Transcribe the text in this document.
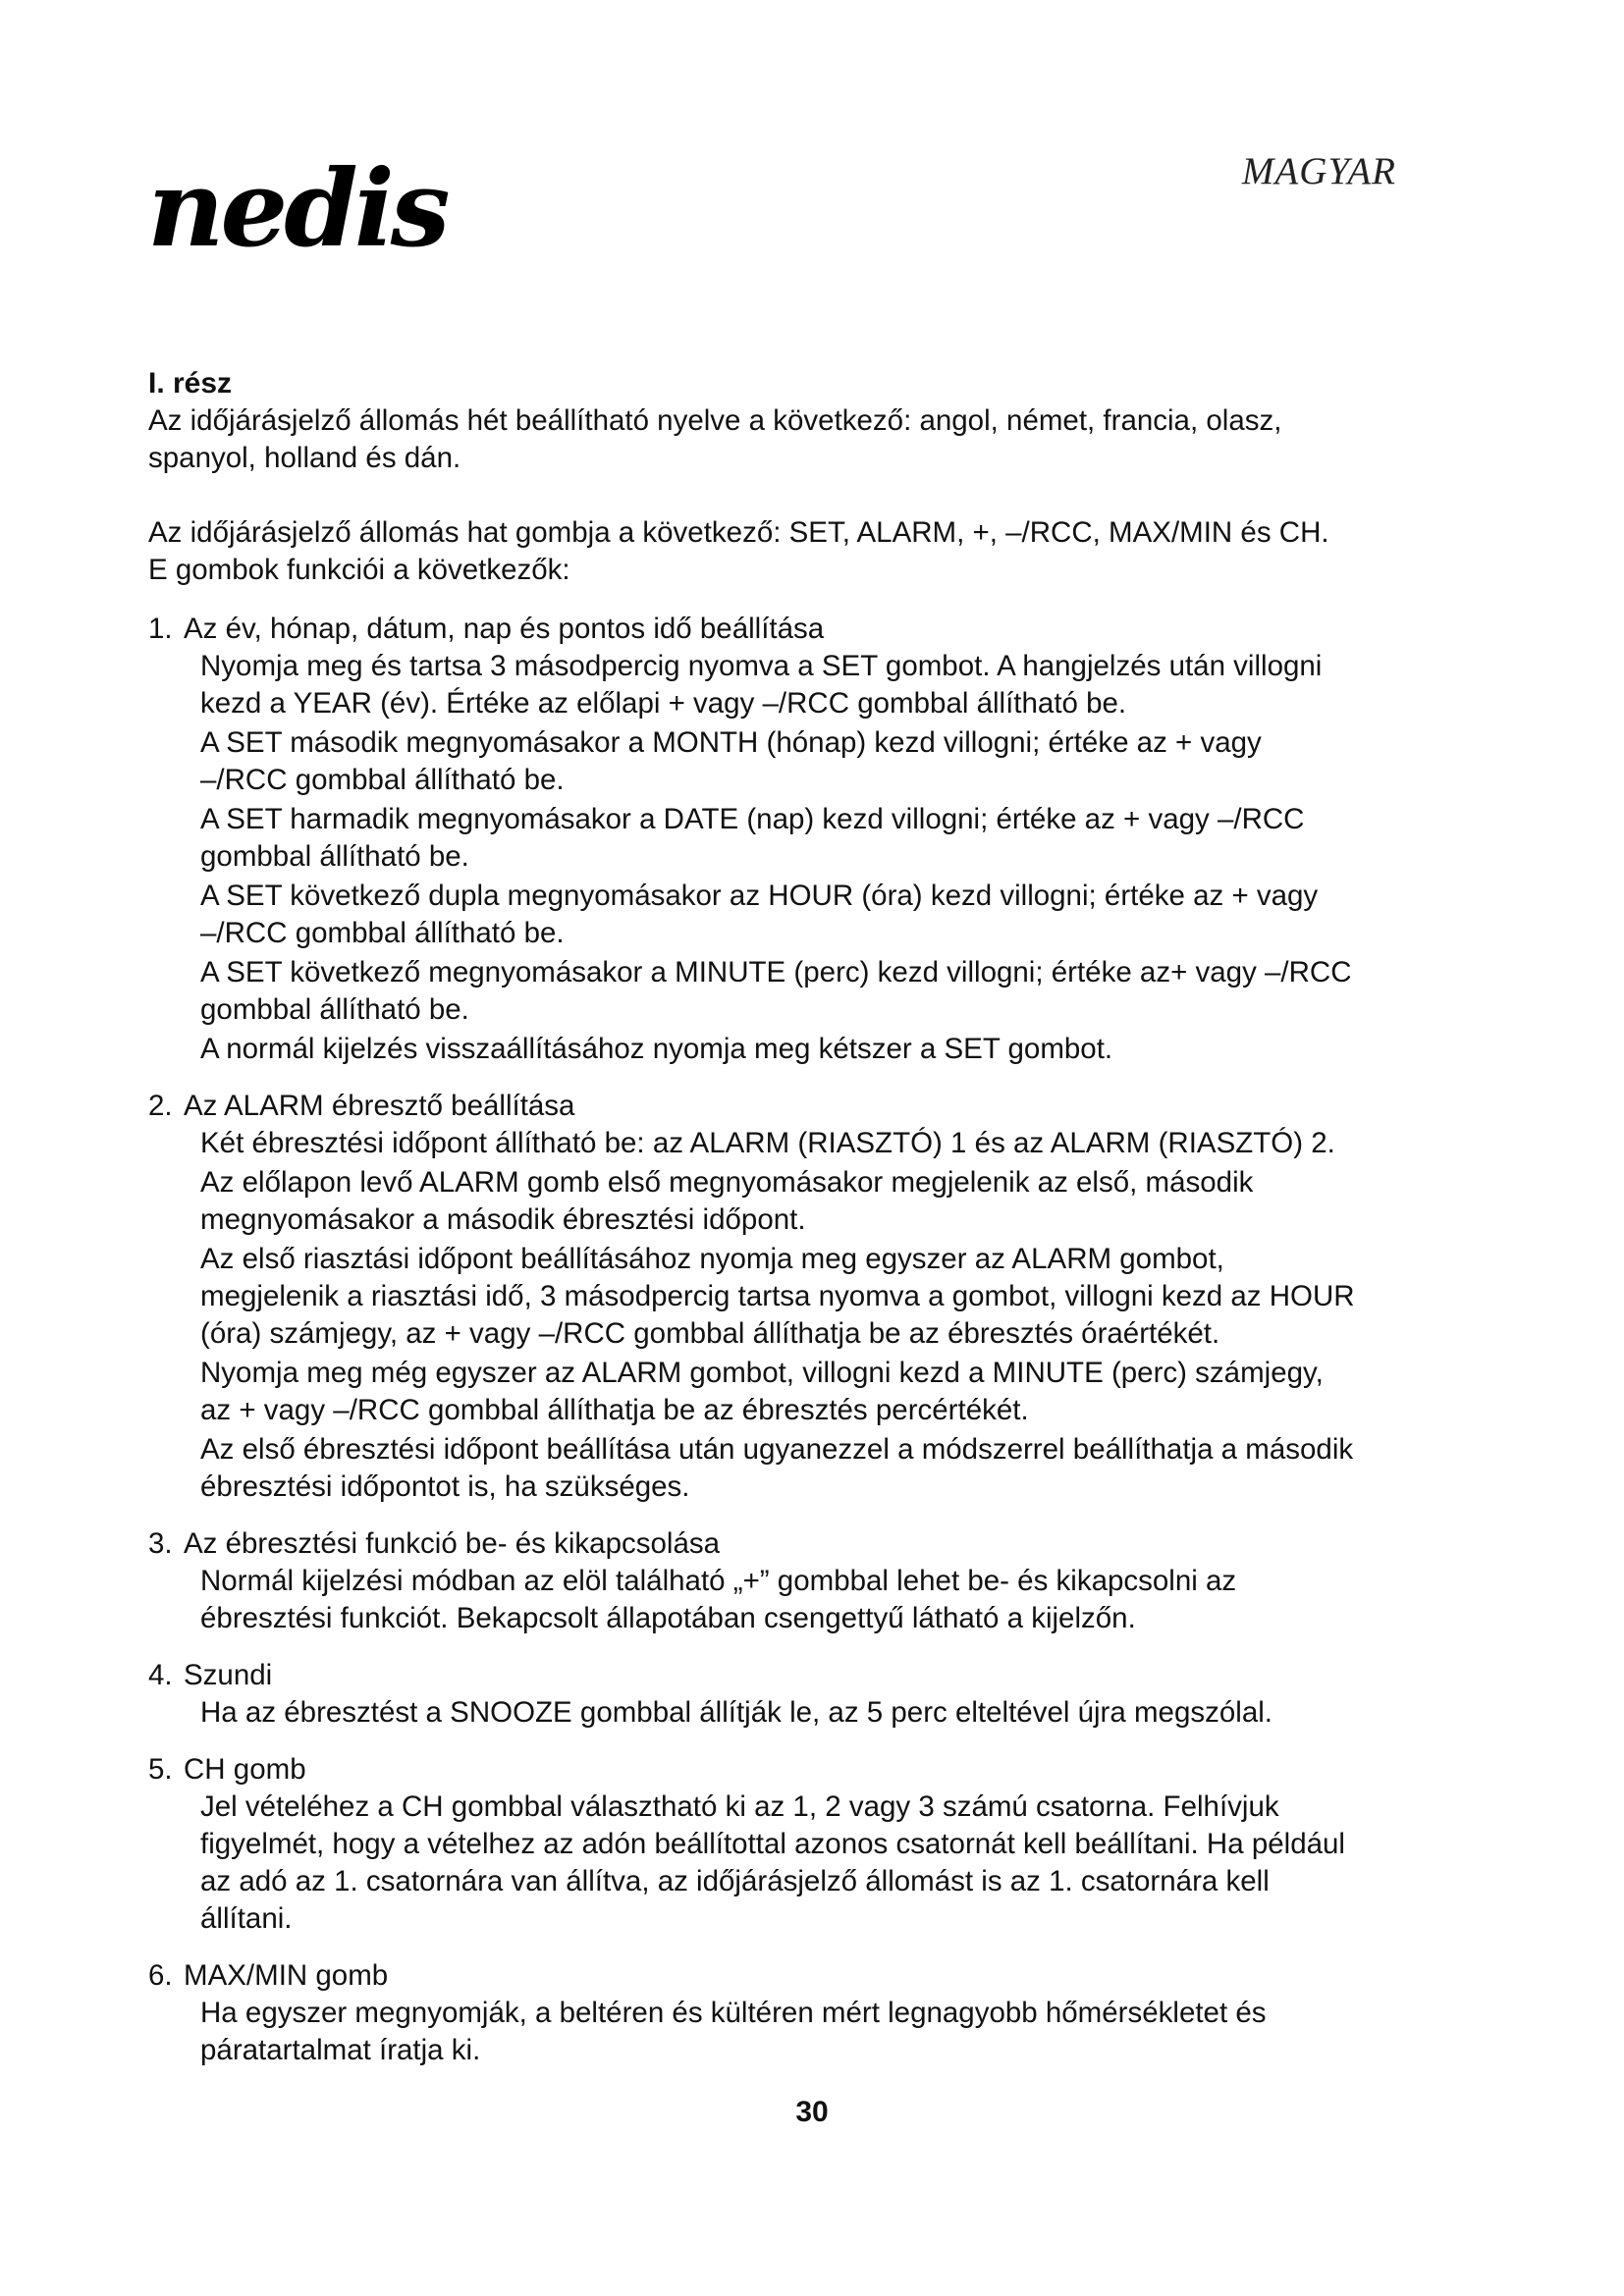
nedis	MAGYAR

I. rész

Az időjárásjelző állomás hét beállítható nyelve a következő: angol, német, francia, olasz, spanyol, holland és dán.

Az időjárásjelző állomás hat gombja a következő: SET, ALARM, +, –/RCC, MAX/MIN és CH. E gombok funkciói a következők:

1. Az év, hónap, dátum, nap és pontos idő beállítása

Nyomja meg és tartsa 3 másodpercig nyomva a SET gombot. A hangjelzés után villogni kezd a YEAR (év). Értéke az előlapi + vagy –/RCC gombbal állítható be.

A SET második megnyomásakor a MONTH (hónap) kezd villogni; értéke az + vagy –/RCC gombbal állítható be.

A SET harmadik megnyomásakor a DATE (nap) kezd villogni; értéke az + vagy –/RCC gombbal állítható be.

A SET következő dupla megnyomásakor az HOUR (óra) kezd villogni; értéke az + vagy –/RCC gombbal állítható be.

A SET következő megnyomásakor a MINUTE (perc) kezd villogni; értéke az+ vagy –/RCC gombbal állítható be.

A normál kijelzés visszaállításához nyomja meg kétszer a SET gombot.

2. Az ALARM ébresztő beállítása

Két ébresztési időpont állítható be: az ALARM (RIASZTÓ) 1 és az ALARM (RIASZTÓ) 2.

Az előlapon levő ALARM gomb első megnyomásakor megjelenik az első, második megnyomásakor a második ébresztési időpont.

Az első riasztási időpont beállításához nyomja meg egyszer az ALARM gombot, megjelenik a riasztási idő, 3 másodpercig tartsa nyomva a gombot, villogni kezd az HOUR (óra) számjegy, az + vagy –/RCC gombbal állíthatja be az ébresztés óraértékét.

Nyomja meg még egyszer az ALARM gombot, villogni kezd a MINUTE (perc) számjegy, az + vagy –/RCC gombbal állíthatja be az ébresztés percértékét.

Az első ébresztési időpont beállítása után ugyanezzel a módszerrel beállíthatja a második ébresztési időpontot is, ha szükséges.

3. Az ébresztési funkció be- és kikapcsolása

Normál kijelzési módban az elöl található „+” gombbal lehet be- és kikapcsolni az ébresztési funkciót. Bekapcsolt állapotában csengettyű látható a kijelzőn.

4. Szundi

Ha az ébresztést a SNOOZE gombbal állítják le, az 5 perc elteltével újra megszólal.

5. CH gomb

Jel vételéhez a CH gombbal választható ki az 1, 2 vagy 3 számú csatorna. Felhívjuk figyelmét, hogy a vételhez az adón beállítottal azonos csatornát kell beállítani. Ha például az adó az 1. csatornára van állítva, az időjárásjelző állomást is az 1. csatornára kell állítani.

6. MAX/MIN gomb

Ha egyszer megnyomják, a beltéren és kültéren mért legnagyobb hőmérsékletet és páratartalmat íratja ki.

30
